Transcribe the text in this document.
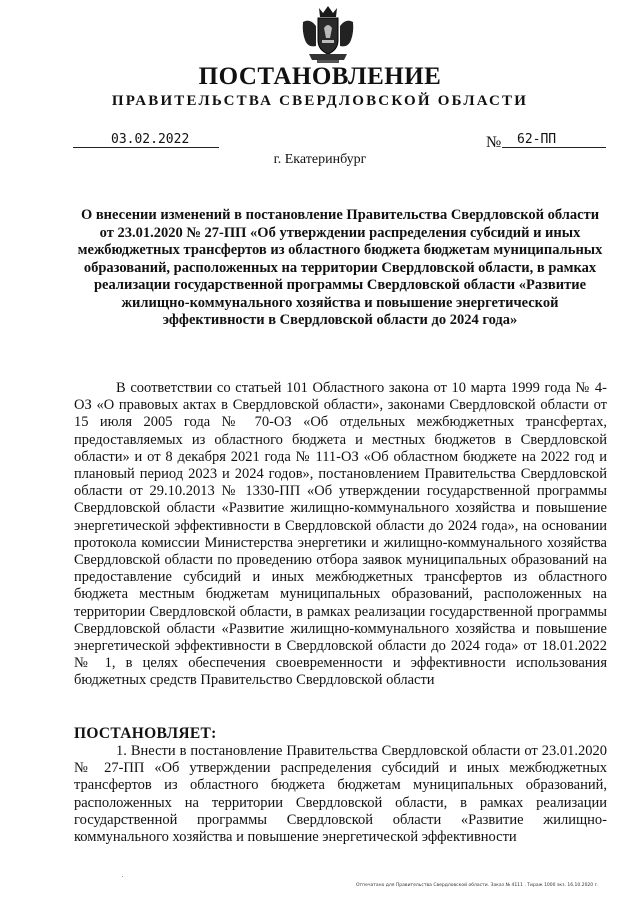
ПОСТАНОВЛЕНИЕ
ПРАВИТЕЛЬСТВА СВЕРДЛОВСКОЙ ОБЛАСТИ
03.02.2022	№	62-ПП
г. Екатеринбург
О внесении изменений в постановление Правительства Свердловской области от 23.01.2020 № 27-ПП «Об утверждении распределения субсидий и иных межбюджетных трансфертов из областного бюджета бюджетам муниципальных образований, расположенных на территории Свердловской области, в рамках реализации государственной программы Свердловской области «Развитие жилищно-коммунального хозяйства и повышение энергетической эффективности в Свердловской области до 2024 года»
В соответствии со статьей 101 Областного закона от 10 марта 1999 года № 4-ОЗ «О правовых актах в Свердловской области», законами Свердловской области от 15 июля 2005 года № 70-ОЗ «Об отдельных межбюджетных трансфертах, предоставляемых из областного бюджета и местных бюджетов в Свердловской области» и от 8 декабря 2021 года № 111-ОЗ «Об областном бюджете на 2022 год и плановый период 2023 и 2024 годов», постановлением Правительства Свердловской области от 29.10.2013 № 1330-ПП «Об утверждении государственной программы Свердловской области «Развитие жилищно-коммунального хозяйства и повышение энергетической эффективности в Свердловской области до 2024 года», на основании протокола комиссии Министерства энергетики и жилищно-коммунального хозяйства Свердловской области по проведению отбора заявок муниципальных образований на предоставление субсидий и иных межбюджетных трансфертов из областного бюджета местным бюджетам муниципальных образований, расположенных на территории Свердловской области, в рамках реализации государственной программы Свердловской области «Развитие жилищно-коммунального хозяйства и повышение энергетической эффективности в Свердловской области до 2024 года» от 18.01.2022 № 1, в целях обеспечения своевременности и эффективности использования бюджетных средств Правительство Свердловской области
ПОСТАНОВЛЯЕТ:
1. Внести в постановление Правительства Свердловской области от 23.01.2020 № 27-ПП «Об утверждении распределения субсидий и иных межбюджетных трансфертов из областного бюджета бюджетам муниципальных образований, расположенных на территории Свердловской области, в рамках реализации государственной программы Свердловской области «Развитие жилищно-коммунального хозяйства и повышение энергетической эффективности
Отпечатано для Правительства Свердловской области. Заказ № 4111 . Тираж 1000 экз. 16.10.2020 г.
